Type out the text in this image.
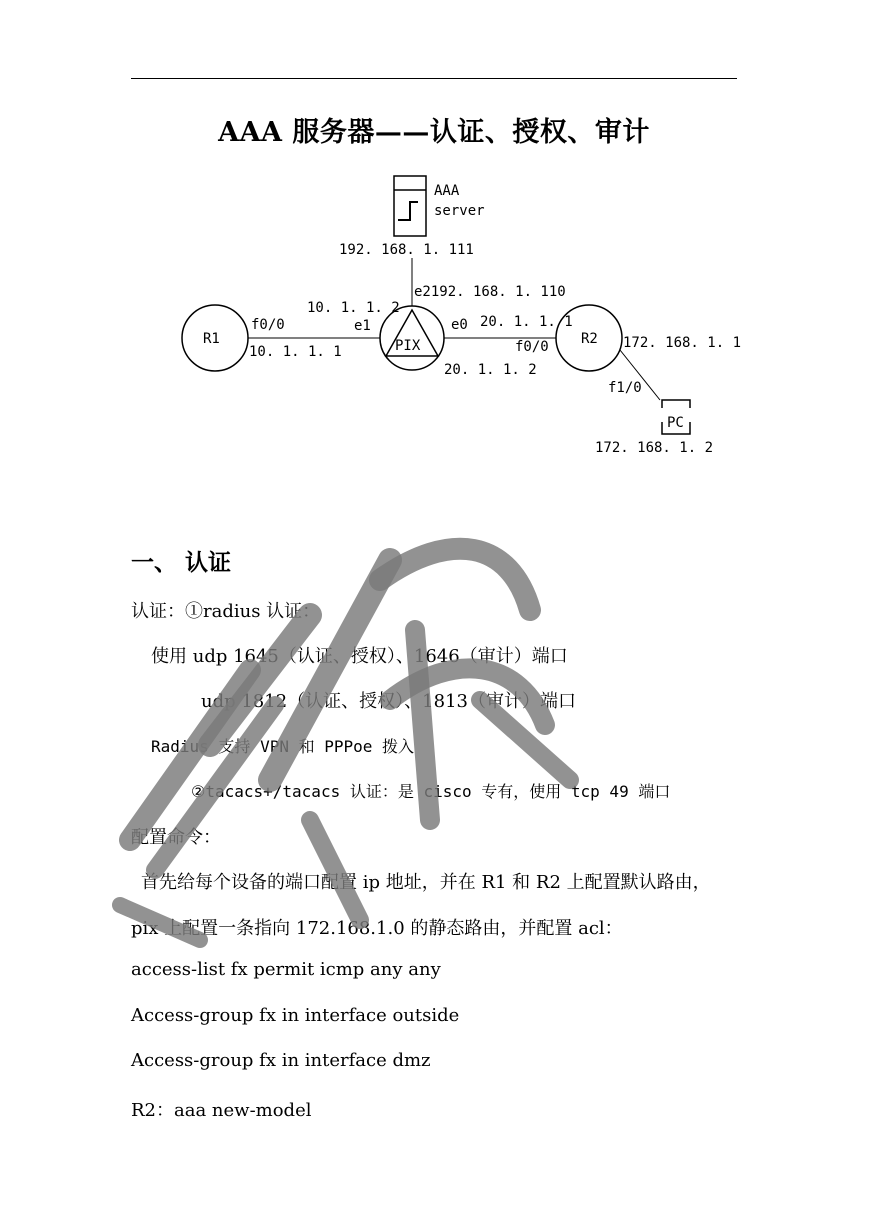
AAA 服务器——认证、授权、审计
AAA
server
192. 168. 1. 111
R1
f0/0
10. 1. 1. 1	PIX
e2192. 168. 1. 110
10. 1. 1. 2
e1	e0
20. 1. 1. 2
R2
20. 1. 1. 1
f0/0	172. 168. 1. 1
f1/0
PC
172. 168. 1. 2
一、 认证
认证：①radius 认证：
使用 udp 1645（认证、授权）、1646（审计）端口
udp 1812（认证、授权）、1813（审计）端口
Radius 支持 VPN 和 PPPoe 拨入
②tacacs+/tacacs 认证：是 cisco 专有，使用 tcp 49 端口
配置命令：
首先给每个设备的端口配置 ip 地址，并在 R1 和 R2 上配置默认路由，
pix 上配置一条指向 172.168.1.0 的静态路由，并配置 acl：
access-list fx permit icmp any any
Access-group fx in interface outside
Access-group fx in interface dmz
R2：aaa new-model
